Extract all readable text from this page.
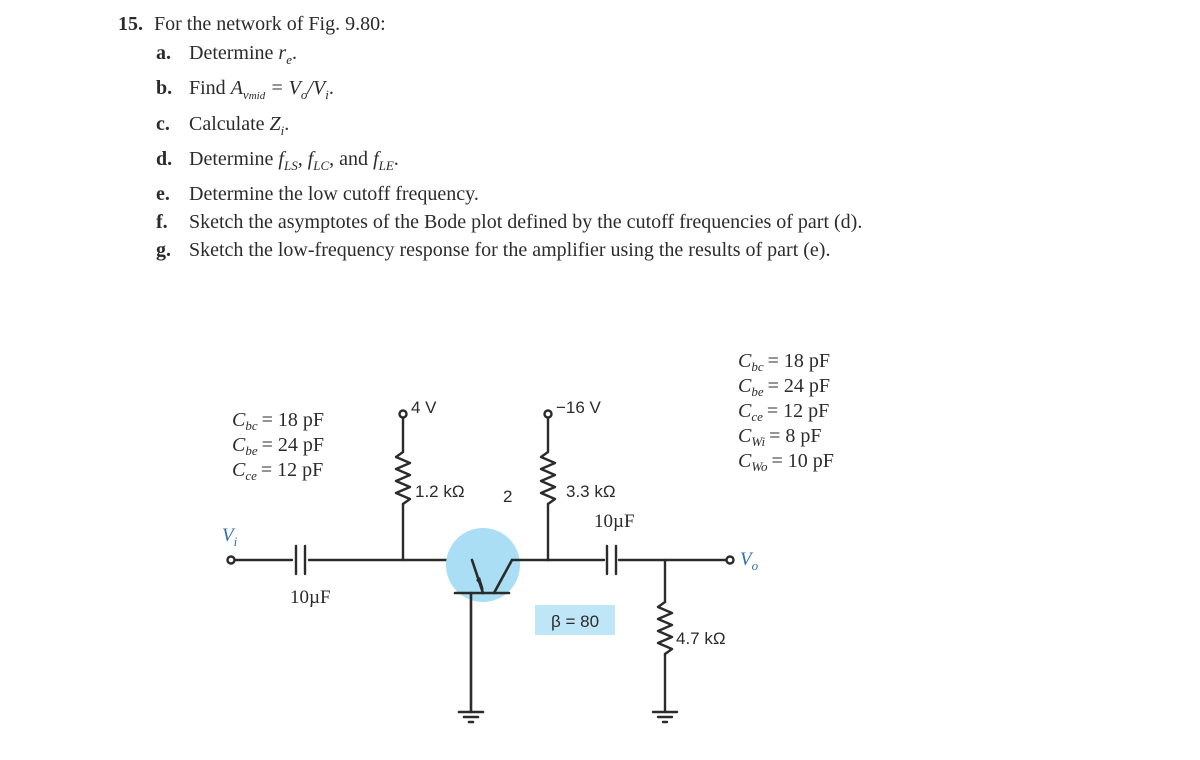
15. For the network of Fig. 9.80:
a. Determine $r_e$.
b. Find $A_{vmid} = V_o/V_i$.
c. Calculate $Z_i$.
d. Determine $f_{LS}$, $f_{LC}$, and $f_{LE}$.
e. Determine the low cutoff frequency.
f. Sketch the asymptotes of the Bode plot defined by the cutoff frequencies of part (d).
g. Sketch the low-frequency response for the amplifier using the results of part (e).
β = 80
4 V	−16 V
1.2 kΩ 2	3.3 kΩ
10µF
10µF
4.7 kΩ
$V_i$
$V_o$
$C_{bc} = 18$ pF
$C_{be} = 24$ pF
$C_{ce} = 12$ pF
$C_{bc} = 18$ pF
$C_{be} = 24$ pF
$C_{ce} = 12$ pF
$C_{Wi} = 8$ pF
$C_{Wo} = 10$ pF
